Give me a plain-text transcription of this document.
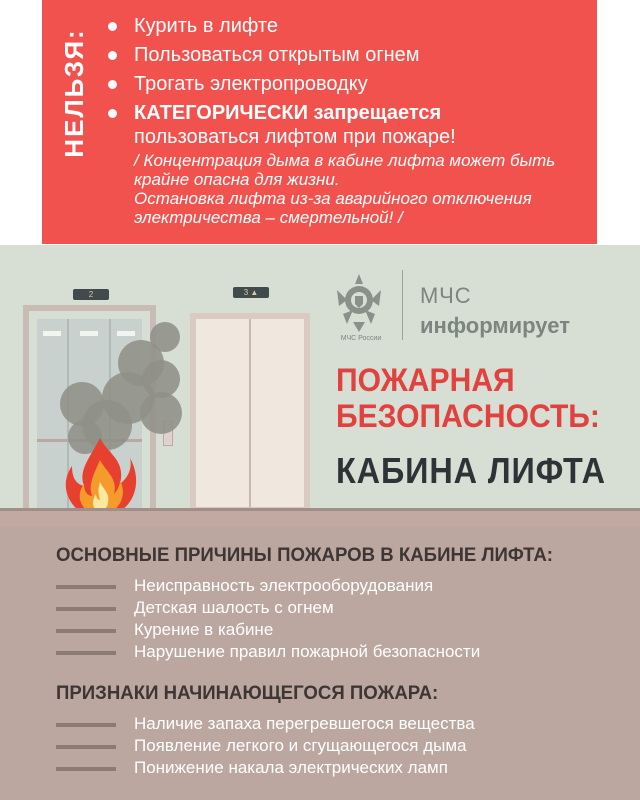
НЕЛЬЗЯ:
Курить в лифте
Пользоваться открытым огнем
Трогать электропроводку
КАТЕГОРИЧЕСКИ запрещается
пользоваться лифтом при пожаре!
/ Концентрация дыма в кабине лифта может быть
крайне опасна для жизни.
Остановка лифта из-за аварийного отключения
электричества – смертельной! /
2	3 ▲
МЧС России
МЧС
информирует
ПОЖАРНАЯ
БЕЗОПАСНОСТЬ:
КАБИНА ЛИФТА
ОСНОВНЫЕ ПРИЧИНЫ ПОЖАРОВ В КАБИНЕ ЛИФТА:
Неисправность электрооборудования
Детская шалость с огнем
Курение в кабине
Нарушение правил пожарной безопасности
ПРИЗНАКИ НАЧИНАЮЩЕГОСЯ ПОЖАРА:
Наличие запаха перегревшегося вещества
Появление легкого и сгущающегося дыма
Понижение накала электрических ламп
